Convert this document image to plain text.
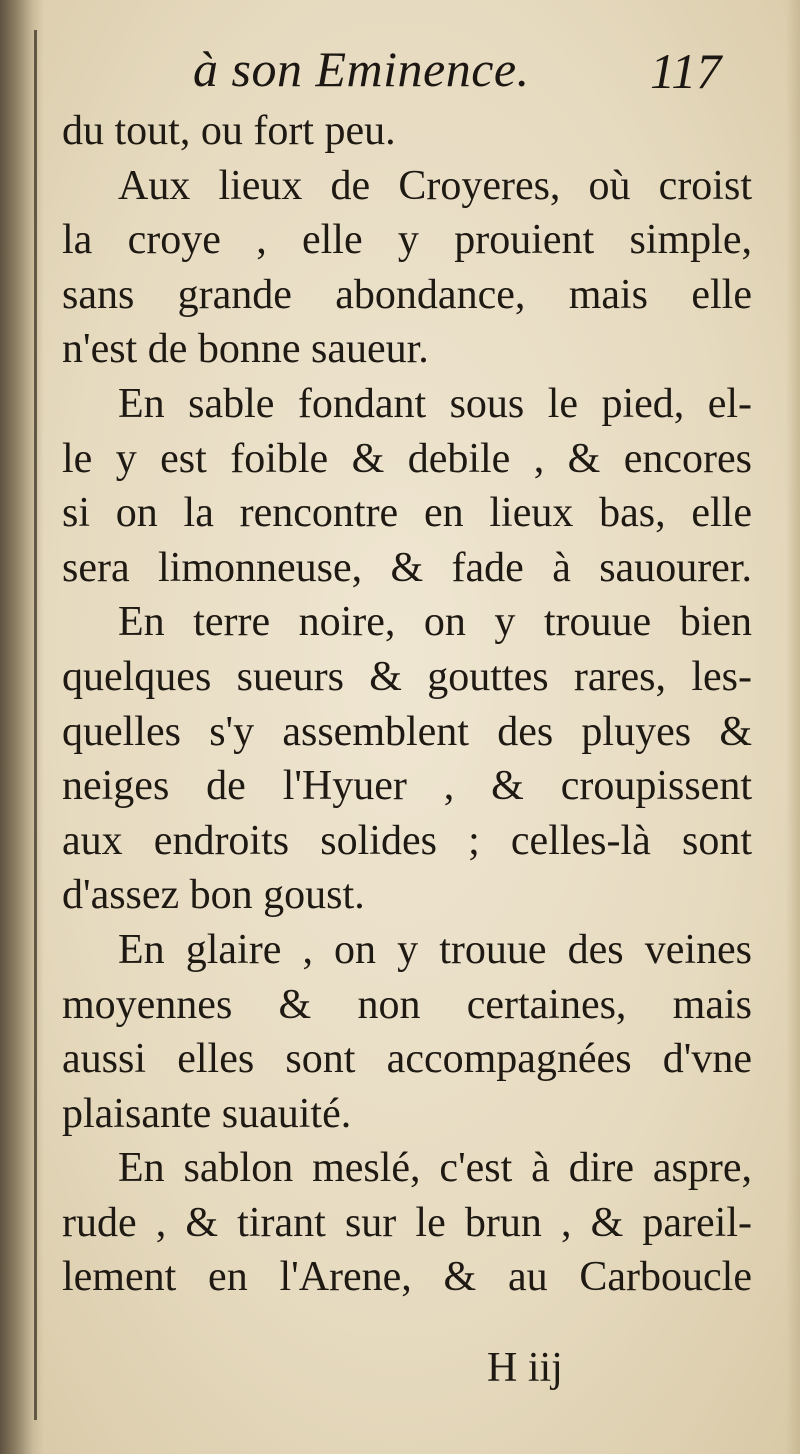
à son Eminence. 117
du tout, ou fort peu.
Aux lieux de Croyeres, où croist
la croye , elle y prouient simple,
sans grande abondance, mais elle
n'est de bonne saueur.
En sable fondant sous le pied, el-
le y est foible & debile , & encores
si on la rencontre en lieux bas, elle
sera limonneuse, & fade à sauourer.
En terre noire, on y trouue bien
quelques sueurs & gouttes rares, les-
quelles s'y assemblent des pluyes &
neiges de l'Hyuer , & croupissent
aux endroits solides ; celles-là sont
d'assez bon goust.
En glaire , on y trouue des veines
moyennes & non certaines, mais
aussi elles sont accompagnées d'vne
plaisante suauité.
En sablon meslé, c'est à dire aspre,
rude , & tirant sur le brun , & pareil-
lement en l'Arene, & au Carboucle
H iij
